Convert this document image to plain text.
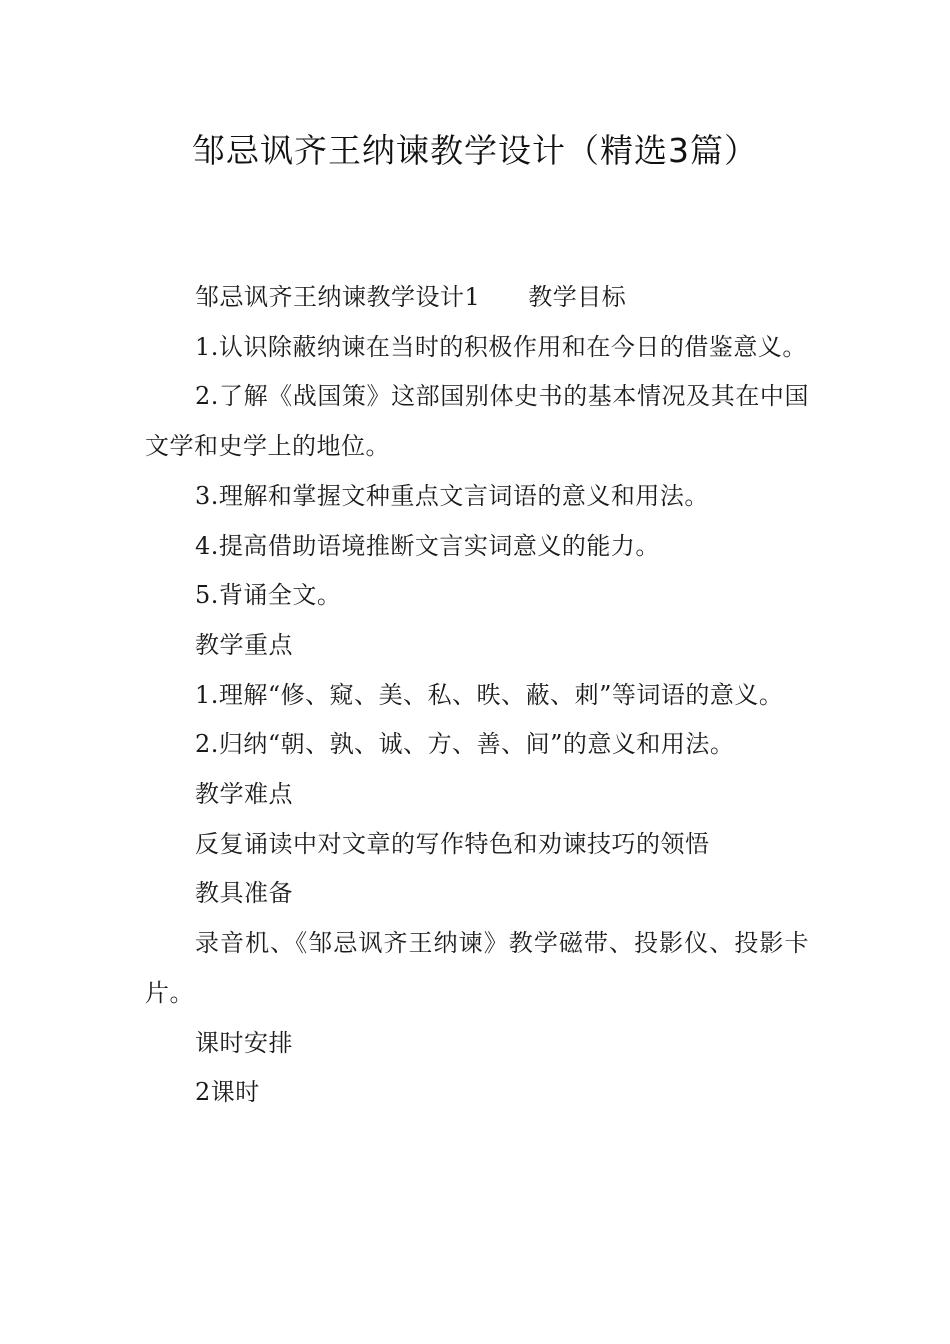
邹忌讽齐王纳谏教学设计（精选3篇）

邹忌讽齐王纳谏教学设计1 教学目标

1.认识除蔽纳谏在当时的积极作用和在今日的借鉴意义。

2.了解《战国策》这部国别体史书的基本情况及其在中国文学和史学上的地位。

3.理解和掌握文种重点文言词语的意义和用法。

4.提高借助语境推断文言实词意义的能力。

5.背诵全文。

教学重点

1.理解“修、窥、美、私、昳、蔽、刺”等词语的意义。

2.归纳“朝、孰、诚、方、善、间”的意义和用法。

教学难点

反复诵读中对文章的写作特色和劝谏技巧的领悟

教具准备

录音机、《邹忌讽齐王纳谏》教学磁带、投影仪、投影卡片。

课时安排

2课时
